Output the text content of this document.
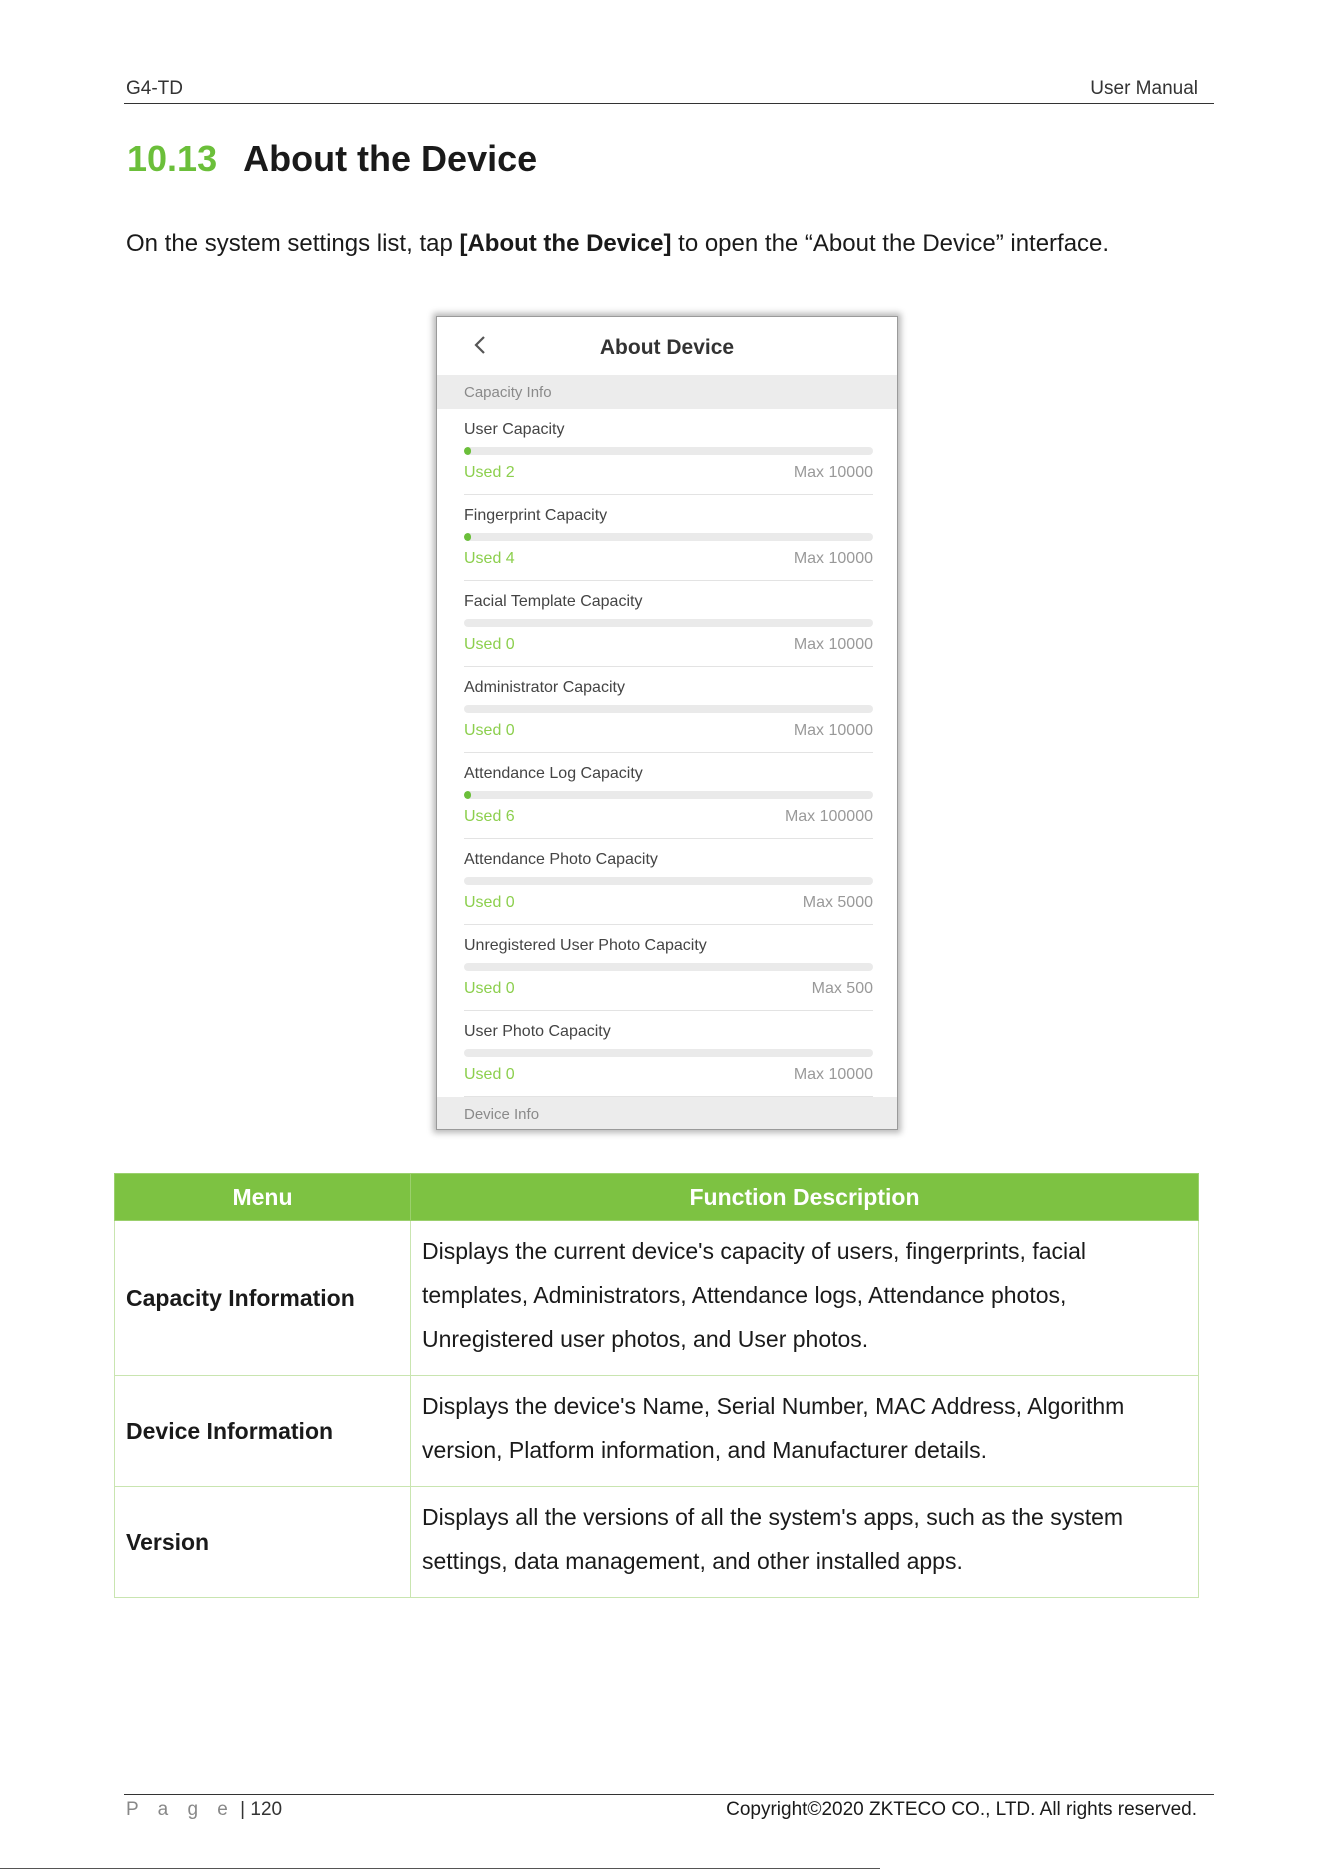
G4-TD	User Manual
10.13 About the Device
On the system settings list, tap [About the Device] to open the “About the Device” interface.
About Device
Capacity Info
User Capacity
Used 2	Max 10000
Fingerprint Capacity
Used 4	Max 10000
Facial Template Capacity
Used 0	Max 10000
Administrator Capacity
Used 0	Max 10000
Attendance Log Capacity
Used 6	Max 100000
Attendance Photo Capacity
Used 0	Max 5000
Unregistered User Photo Capacity
Used 0	Max 500
User Photo Capacity
Used 0	Max 10000
Device Info
Menu	Function Description
Capacity Information	Displays the current device's capacity of users, fingerprints, facial templates, Administrators, Attendance logs, Attendance photos, Unregistered user photos, and User photos.
Device Information	Displays the device's Name, Serial Number, MAC Address, Algorithm version, Platform information, and Manufacturer details.
Version	Displays all the versions of all the system's apps, such as the system settings, data management, and other installed apps.
P a g e | 120	Copyright©2020 ZKTECO CO., LTD. All rights reserved.
